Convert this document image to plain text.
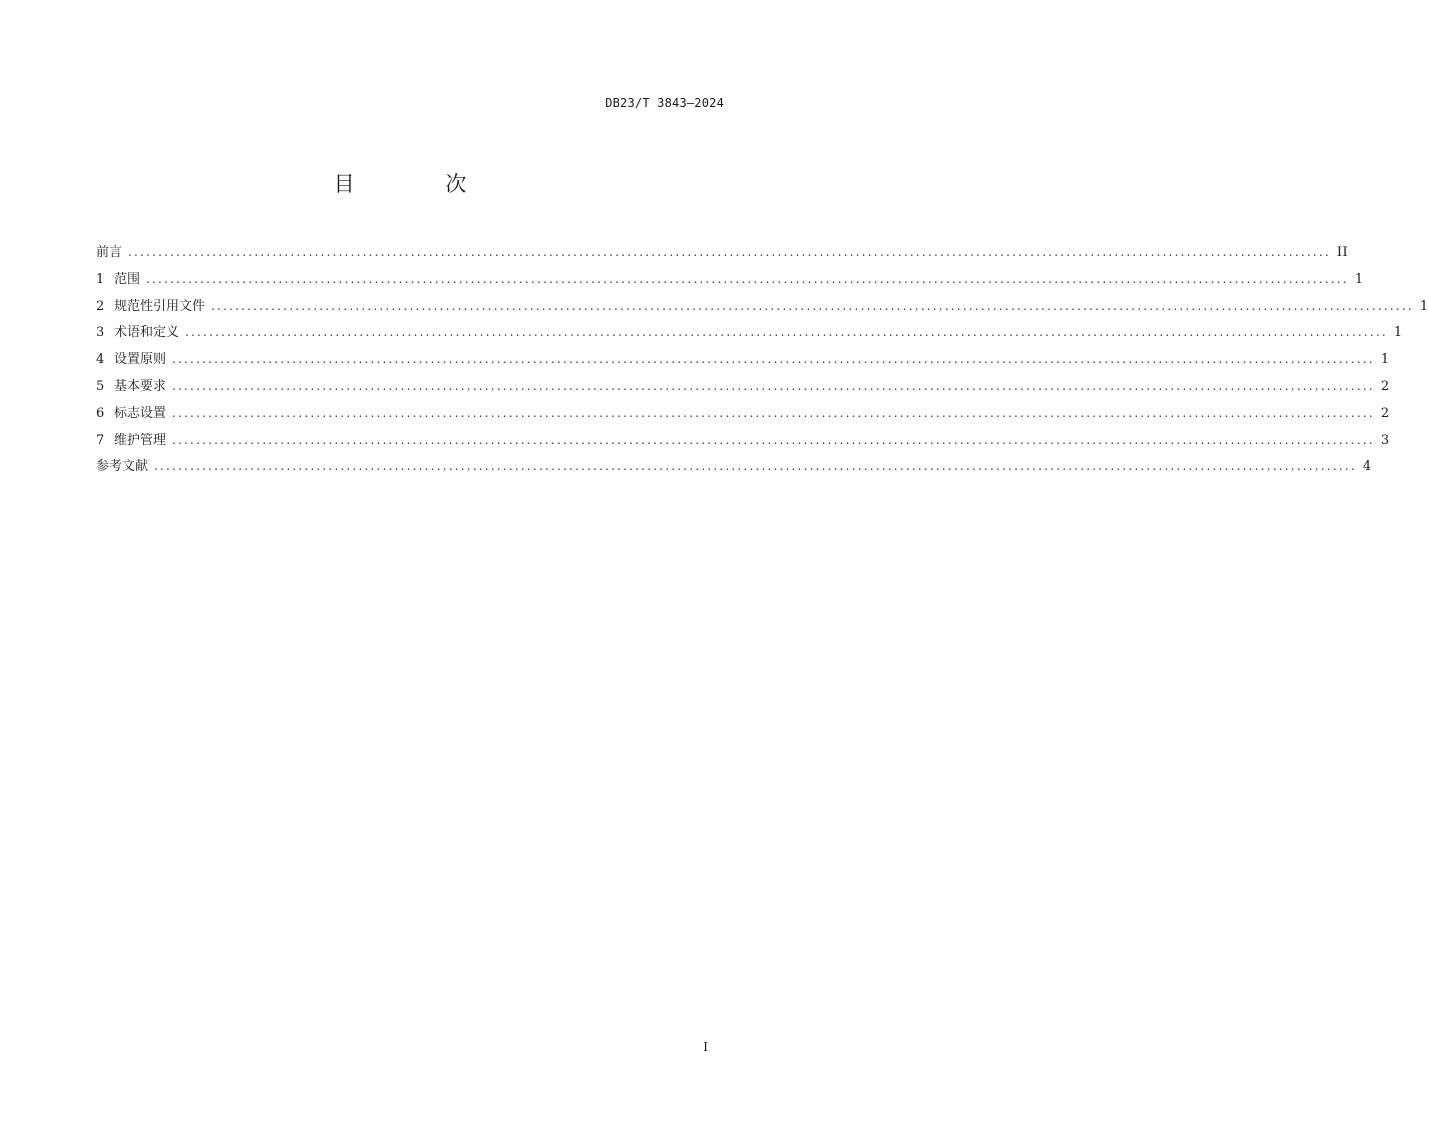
DB23/T 3843—2024
目 次
前言 ........................................................................................................................................................................................................ II
1 范围 ........................................................................................................................................................................................................ 1
2 规范性引用文件 ........................................................................................................................................................................................................ 1
3 术语和定义 ........................................................................................................................................................................................................ 1
4 设置原则 ........................................................................................................................................................................................................ 1
5 基本要求 ........................................................................................................................................................................................................ 2
6 标志设置 ........................................................................................................................................................................................................ 2
7 维护管理 ........................................................................................................................................................................................................ 3
参考文献 ........................................................................................................................................................................................................ 4
I
